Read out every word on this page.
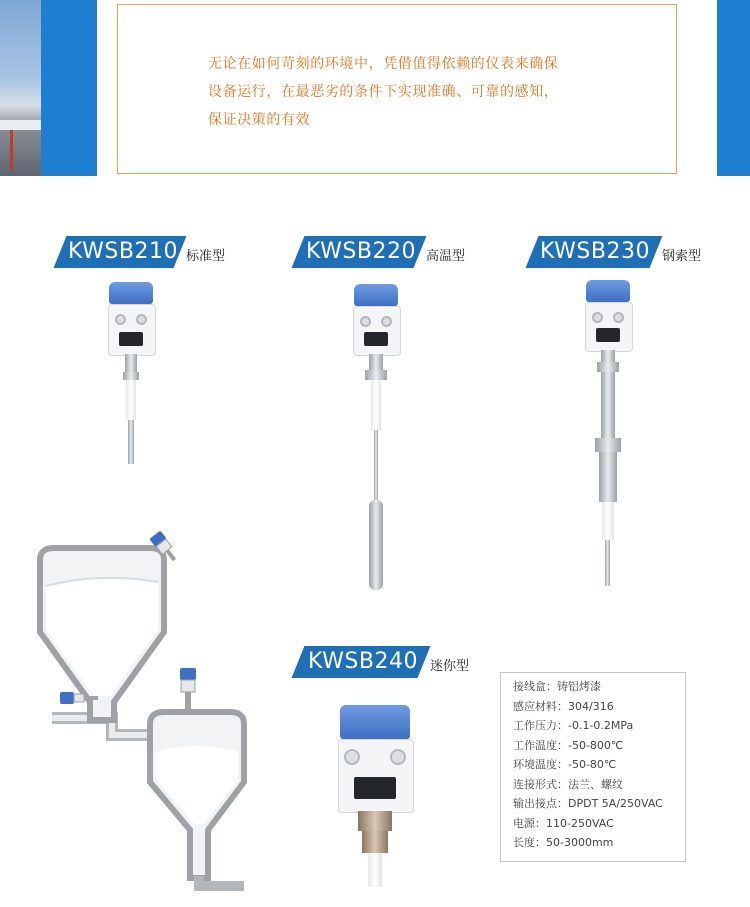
无论在如何苛刻的环境中，凭借值得依赖的仪表来确保
设备运行，在最恶劣的条件下实现准确、可靠的感知，
保证决策的有效
KWSB210 标准型	KWSB220 高温型	KWSB230 钢索型
KWSB240 迷你型
接线盒：铸铝烤漆
感应材料：304/316
工作压力：-0.1-0.2MPa
工作温度：-50-800℃
环境温度：-50-80℃
连接形式：法兰、螺纹
输出接点：DPDT 5A/250VAC
电源：110-250VAC
长度：50-3000mm
